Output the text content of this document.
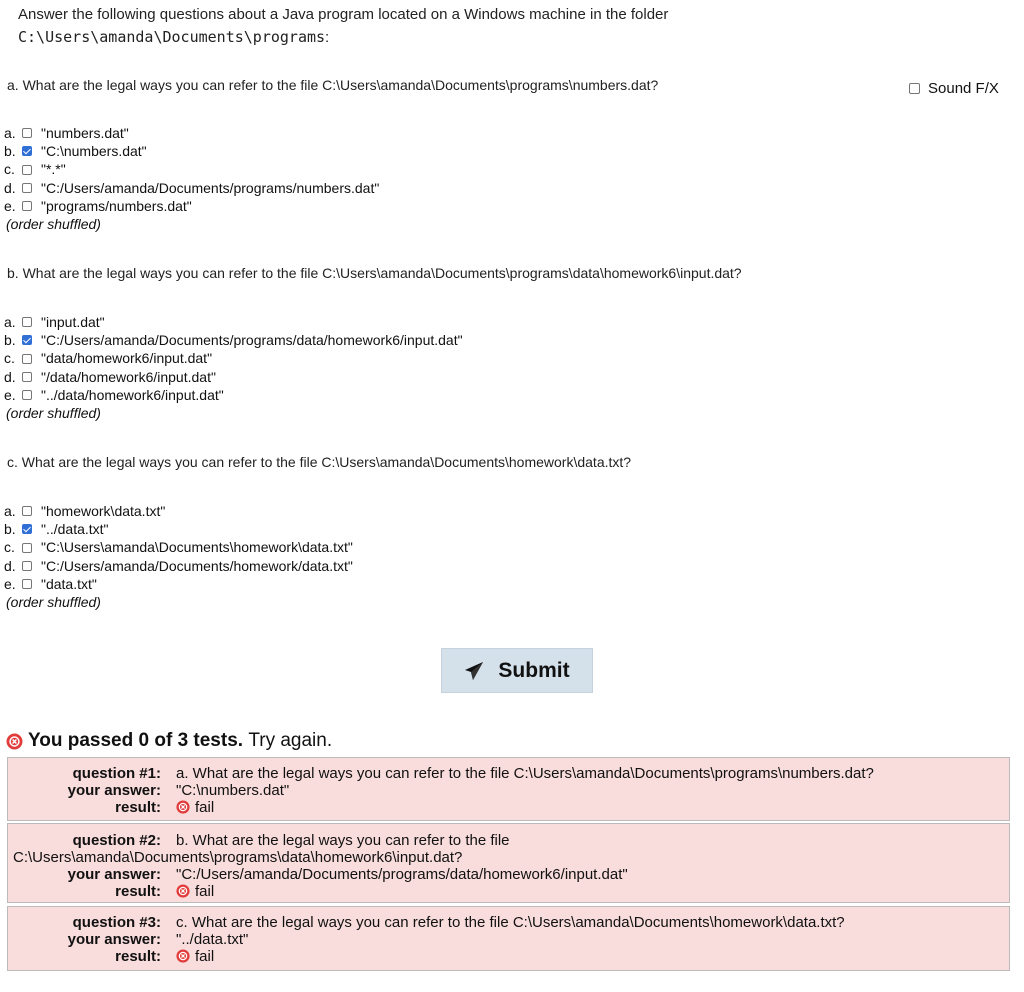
Answer the following questions about a Java program located on a Windows machine in the folder
C:\Users\amanda\Documents\programs:
Sound F/X
a. What are the legal ways you can refer to the file C:\Users\amanda\Documents\programs\numbers.dat?
a.	"numbers.dat"
b.	"C:\numbers.dat"
c.	"*.*"
d.	"C:/Users/amanda/Documents/programs/numbers.dat"
e.	"programs/numbers.dat"
(order shuffled)
b. What are the legal ways you can refer to the file C:\Users\amanda\Documents\programs\data\homework6\input.dat?
a.	"input.dat"
b.	"C:/Users/amanda/Documents/programs/data/homework6/input.dat"
c.	"data/homework6/input.dat"
d.	"/data/homework6/input.dat"
e.	"../data/homework6/input.dat"
(order shuffled)
c. What are the legal ways you can refer to the file C:\Users\amanda\Documents\homework\data.txt?
a.	"homework\data.txt"
b.	"../data.txt"
c.	"C:\Users\amanda\Documents\homework\data.txt"
d.	"C:/Users/amanda/Documents/homework/data.txt"
e.	"data.txt"
(order shuffled)
Submit
You passed 0 of 3 tests.
Try again.
question #1:	a. What are the legal ways you can refer to the file C:\Users\amanda\Documents\programs\numbers.dat?
your answer:	"C:\numbers.dat"
result:	fail
question #2:	b. What are the legal ways you can refer to the file
C:\Users\amanda\Documents\programs\data\homework6\input.dat?
your answer:	"C:/Users/amanda/Documents/programs/data/homework6/input.dat"
result:	fail
question #3:	c. What are the legal ways you can refer to the file C:\Users\amanda\Documents\homework\data.txt?
your answer:	"../data.txt"
result:	fail
